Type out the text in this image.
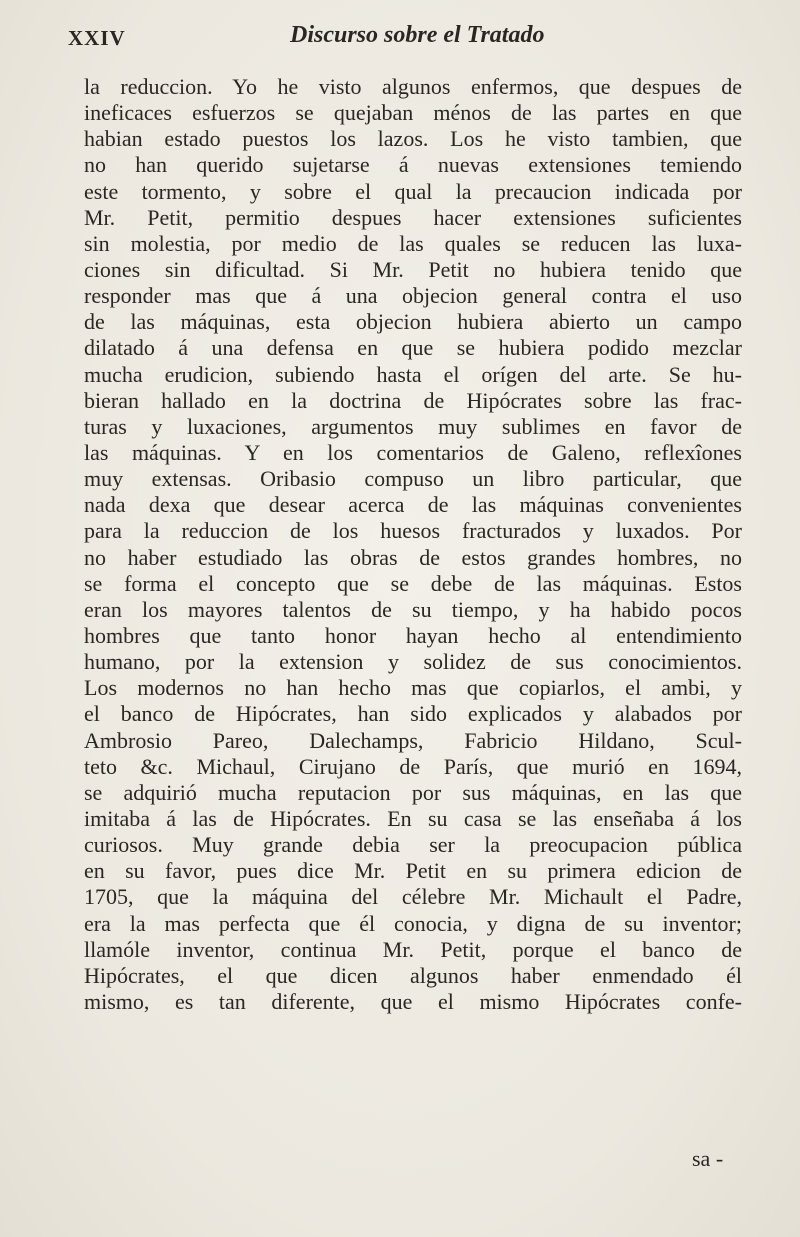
XXIV	Discurso sobre el Tratado
la reduccion. Yo he visto algunos enfermos, que despues de
ineficaces esfuerzos se quejaban ménos de las partes en que
habian estado puestos los lazos. Los he visto tambien, que
no han querido sujetarse á nuevas extensiones temiendo
este tormento, y sobre el qual la precaucion indicada por
Mr. Petit, permitio despues hacer extensiones suficientes
sin molestia, por medio de las quales se reducen las luxa-
ciones sin dificultad. Si Mr. Petit no hubiera tenido que
responder mas que á una objecion general contra el uso
de las máquinas, esta objecion hubiera abierto un campo
dilatado á una defensa en que se hubiera podido mezclar
mucha erudicion, subiendo hasta el orígen del arte. Se hu-
bieran hallado en la doctrina de Hipócrates sobre las frac-
turas y luxaciones, argumentos muy sublimes en favor de
las máquinas. Y en los comentarios de Galeno, reflexîones
muy extensas. Oribasio compuso un libro particular, que
nada dexa que desear acerca de las máquinas convenientes
para la reduccion de los huesos fracturados y luxados. Por
no haber estudiado las obras de estos grandes hombres, no
se forma el concepto que se debe de las máquinas. Estos
eran los mayores talentos de su tiempo, y ha habido pocos
hombres que tanto honor hayan hecho al entendimiento
humano, por la extension y solidez de sus conocimientos.
Los modernos no han hecho mas que copiarlos, el ambi, y
el banco de Hipócrates, han sido explicados y alabados por
Ambrosio Pareo, Dalechamps, Fabricio Hildano, Scul-
teto &c. Michaul, Cirujano de París, que murió en 1694,
se adquirió mucha reputacion por sus máquinas, en las que
imitaba á las de Hipócrates. En su casa se las enseñaba á los
curiosos. Muy grande debia ser la preocupacion pública
en su favor, pues dice Mr. Petit en su primera edicion de
1705, que la máquina del célebre Mr. Michault el Padre,
era la mas perfecta que él conocia, y digna de su inventor;
llamóle inventor, continua Mr. Petit, porque el banco de
Hipócrates, el que dicen algunos haber enmendado él
mismo, es tan diferente, que el mismo Hipócrates confe-
sa -
